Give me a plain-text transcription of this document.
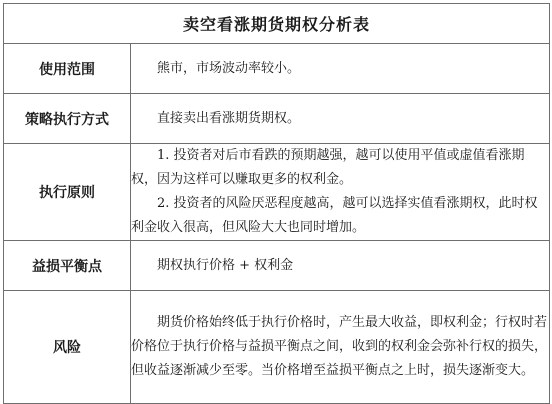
卖空看涨期货期权分析表	
使用范围	熊市，市场波动率较小。
策略执行方式	直接卖出看涨期货期权。
执行原则	1. 投资者对后市看跌的预期越强，越可以使用平值或虚值看涨期权，因为这样可以赚取更多的权利金。

2. 投资者的风险厌恶程度越高，越可以选择实值看涨期权，此时权利金收入很高，但风险大大也同时增加。

益损平衡点	期权执行价格 + 权利金
风险	期货价格始终低于执行价格时，产生最大收益，即权利金；行权时若价格位于执行价格与益损平衡点之间，收到的权利金会弥补行权的损失，但收益逐渐减少至零。当价格增至益损平衡点之上时，损失逐渐变大。
